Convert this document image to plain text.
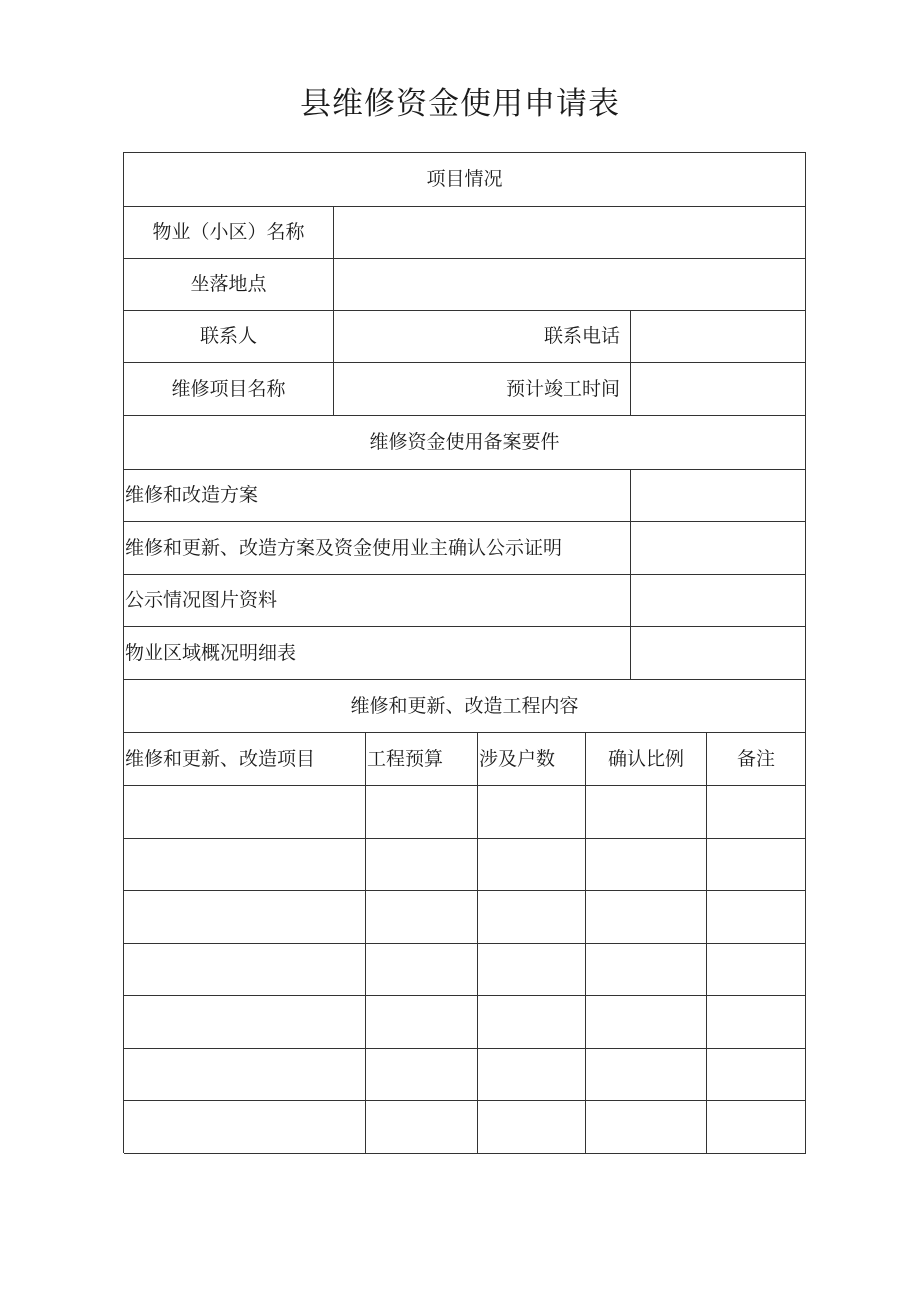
县维修资金使用申请表
项目情况
物业（小区）名称
坐落地点
联系人	联系电话
维修项目名称	预计竣工时间
维修资金使用备案要件
维修和改造方案
维修和更新、改造方案及资金使用业主确认公示证明
公示情况图片资料
物业区域概况明细表
维修和更新、改造工程内容
维修和更新、改造项目	工程预算	涉及户数	确认比例	备注
